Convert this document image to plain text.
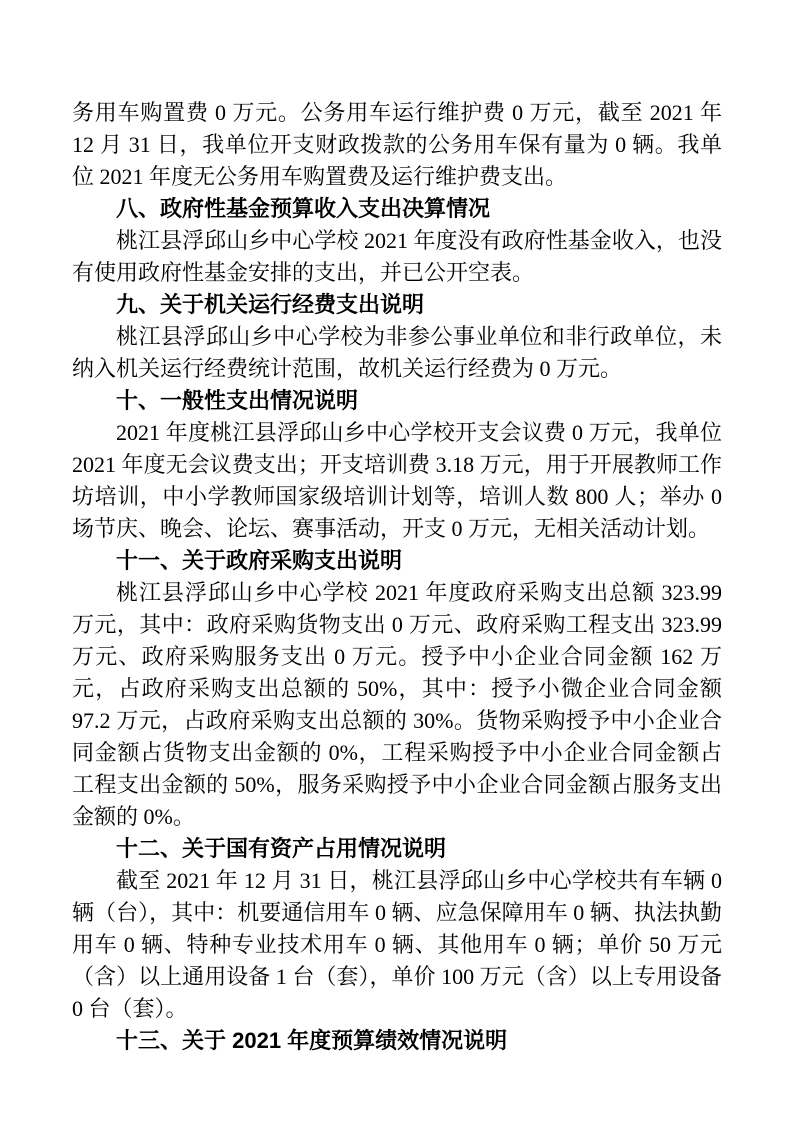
务用车购置费 0 万元。公务用车运行维护费 0 万元，截至 2021 年 12 月 31 日，我单位开支财政拨款的公务用车保有量为 0 辆。我单位 2021 年度无公务用车购置费及运行维护费支出。

八、政府性基金预算收入支出决算情况

桃江县浮邱山乡中心学校 2021 年度没有政府性基金收入，也没有使用政府性基金安排的支出，并已公开空表。

九、关于机关运行经费支出说明

桃江县浮邱山乡中心学校为非参公事业单位和非行政单位，未纳入机关运行经费统计范围，故机关运行经费为 0 万元。

十、一般性支出情况说明

2021 年度桃江县浮邱山乡中心学校开支会议费 0 万元，我单位 2021 年度无会议费支出；开支培训费 3.18 万元，用于开展教师工作坊培训，中小学教师国家级培训计划等，培训人数 800 人；举办 0 场节庆、晚会、论坛、赛事活动，开支 0 万元，无相关活动计划。

十一、关于政府采购支出说明

桃江县浮邱山乡中心学校 2021 年度政府采购支出总额 323.99 万元，其中：政府采购货物支出 0 万元、政府采购工程支出 323.99 万元、政府采购服务支出 0 万元。授予中小企业合同金额 162 万元，占政府采购支出总额的 50%，其中：授予小微企业合同金额 97.2 万元，占政府采购支出总额的 30%。货物采购授予中小企业合同金额占货物支出金额的 0%，工程采购授予中小企业合同金额占工程支出金额的 50%，服务采购授予中小企业合同金额占服务支出金额的 0%。

十二、关于国有资产占用情况说明

截至 2021 年 12 月 31 日，桃江县浮邱山乡中心学校共有车辆 0 辆（台），其中：机要通信用车 0 辆、应急保障用车 0 辆、执法执勤用车 0 辆、特种专业技术用车 0 辆、其他用车 0 辆；单价 50 万元（含）以上通用设备 1 台（套），单价 100 万元（含）以上专用设备 0 台（套）。

十三、关于 2021 年度预算绩效情况说明
